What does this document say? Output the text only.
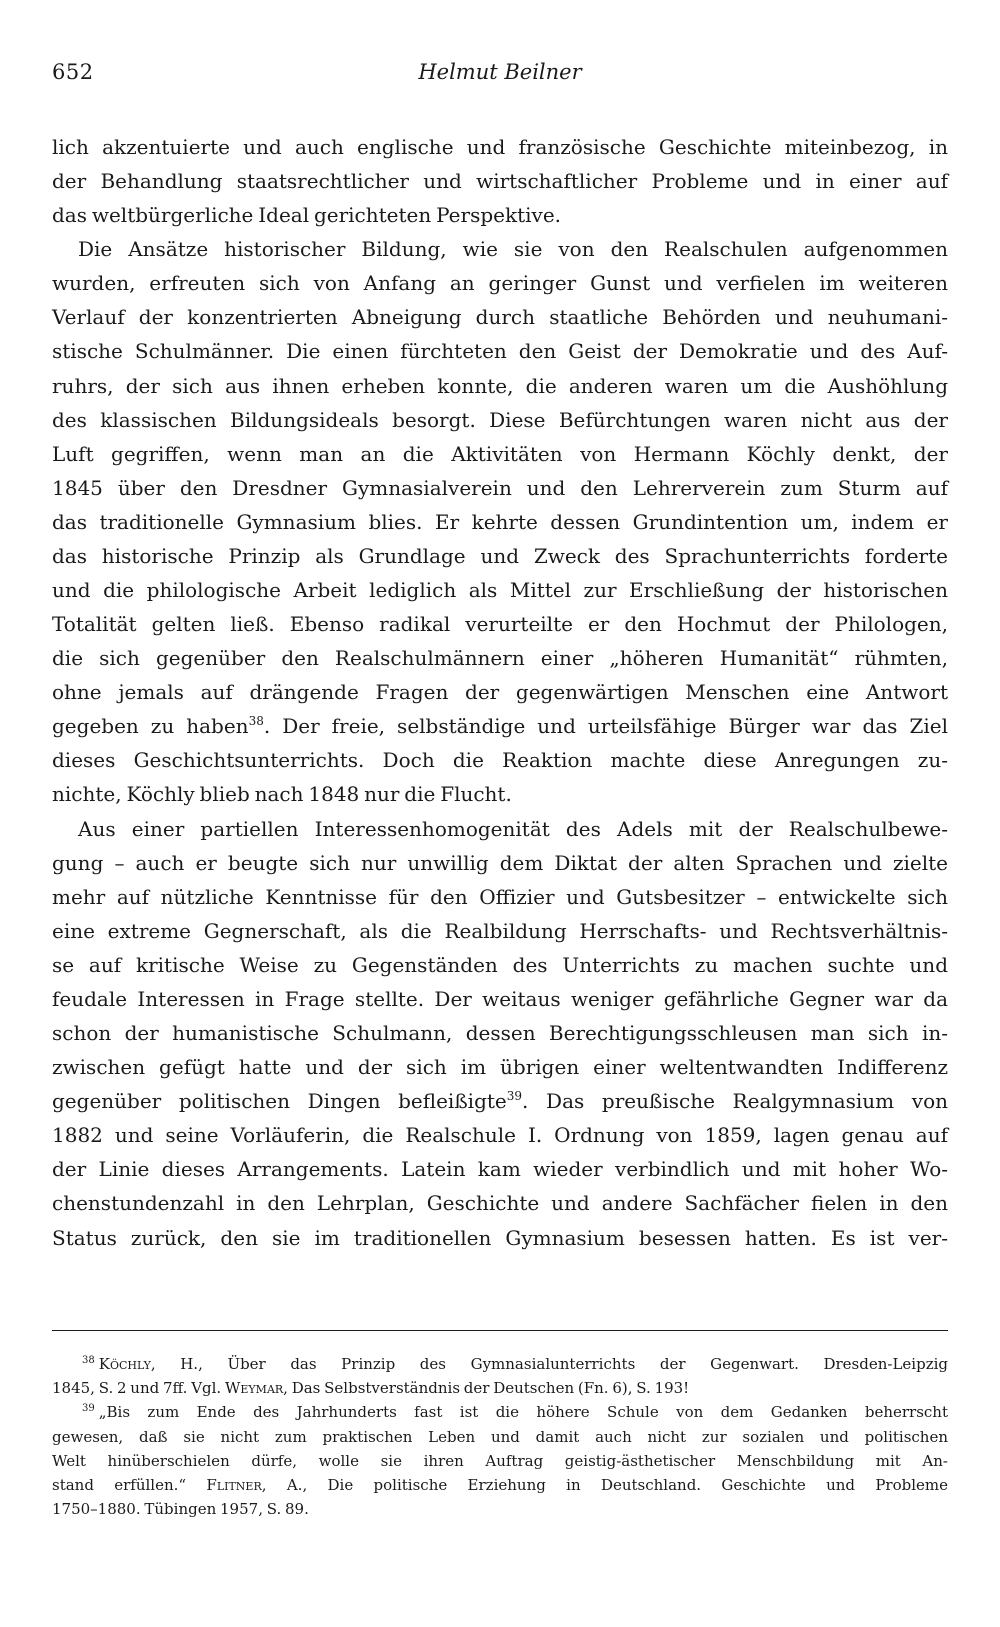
652	Helmut Beilner
lich akzentuierte und auch englische und französische Geschichte miteinbezog, in
der Behandlung staatsrechtlicher und wirtschaftlicher Probleme und in einer auf
das weltbürgerliche Ideal gerichteten Perspektive.
Die Ansätze historischer Bildung, wie sie von den Realschulen aufgenommen
wurden, erfreuten sich von Anfang an geringer Gunst und verfielen im weiteren
Verlauf der konzentrierten Abneigung durch staatliche Behörden und neuhumani-
stische Schulmänner. Die einen fürchteten den Geist der Demokratie und des Auf-
ruhrs, der sich aus ihnen erheben konnte, die anderen waren um die Aushöhlung
des klassischen Bildungsideals besorgt. Diese Befürchtungen waren nicht aus der
Luft gegriffen, wenn man an die Aktivitäten von Hermann Köchly denkt, der
1845 über den Dresdner Gymnasialverein und den Lehrerverein zum Sturm auf
das traditionelle Gymnasium blies. Er kehrte dessen Grundintention um, indem er
das historische Prinzip als Grundlage und Zweck des Sprachunterrichts forderte
und die philologische Arbeit lediglich als Mittel zur Erschließung der historischen
Totalität gelten ließ. Ebenso radikal verurteilte er den Hochmut der Philologen,
die sich gegenüber den Realschulmännern einer „höheren Humanität“ rühmten,
ohne jemals auf drängende Fragen der gegenwärtigen Menschen eine Antwort
gegeben zu haben$^{38}$. Der freie, selbständige und urteilsfähige Bürger war das Ziel
dieses Geschichtsunterrichts. Doch die Reaktion machte diese Anregungen zu-
nichte, Köchly blieb nach 1848 nur die Flucht.
Aus einer partiellen Interessenhomogenität des Adels mit der Realschulbewe-
gung – auch er beugte sich nur unwillig dem Diktat der alten Sprachen und zielte
mehr auf nützliche Kenntnisse für den Offizier und Gutsbesitzer – entwickelte sich
eine extreme Gegnerschaft, als die Realbildung Herrschafts- und Rechtsverhältnis-
se auf kritische Weise zu Gegenständen des Unterrichts zu machen suchte und
feudale Interessen in Frage stellte. Der weitaus weniger gefährliche Gegner war da
schon der humanistische Schulmann, dessen Berechtigungsschleusen man sich in-
zwischen gefügt hatte und der sich im übrigen einer weltentwandten Indifferenz
gegenüber politischen Dingen befleißigte$^{39}$. Das preußische Realgymnasium von
1882 und seine Vorläuferin, die Realschule I. Ordnung von 1859, lagen genau auf
der Linie dieses Arrangements. Latein kam wieder verbindlich und mit hoher Wo-
chenstundenzahl in den Lehrplan, Geschichte und andere Sachfächer fielen in den
Status zurück, den sie im traditionellen Gymnasium besessen hatten. Es ist ver-
$^{38}$ Köchly, H., Über das Prinzip des Gymnasialunterrichts der Gegenwart. Dresden-Leipzig
1845, S. 2 und 7ff. Vgl. Weymar, Das Selbstverständnis der Deutschen (Fn. 6), S. 193!
$^{39}$ „Bis zum Ende des Jahrhunderts fast ist die höhere Schule von dem Gedanken beherrscht
gewesen, daß sie nicht zum praktischen Leben und damit auch nicht zur sozialen und politischen
Welt hinüberschielen dürfe, wolle sie ihren Auftrag geistig-ästhetischer Menschbildung mit An-
stand erfüllen.“ Flitner, A., Die politische Erziehung in Deutschland. Geschichte und Probleme
1750–1880. Tübingen 1957, S. 89.
